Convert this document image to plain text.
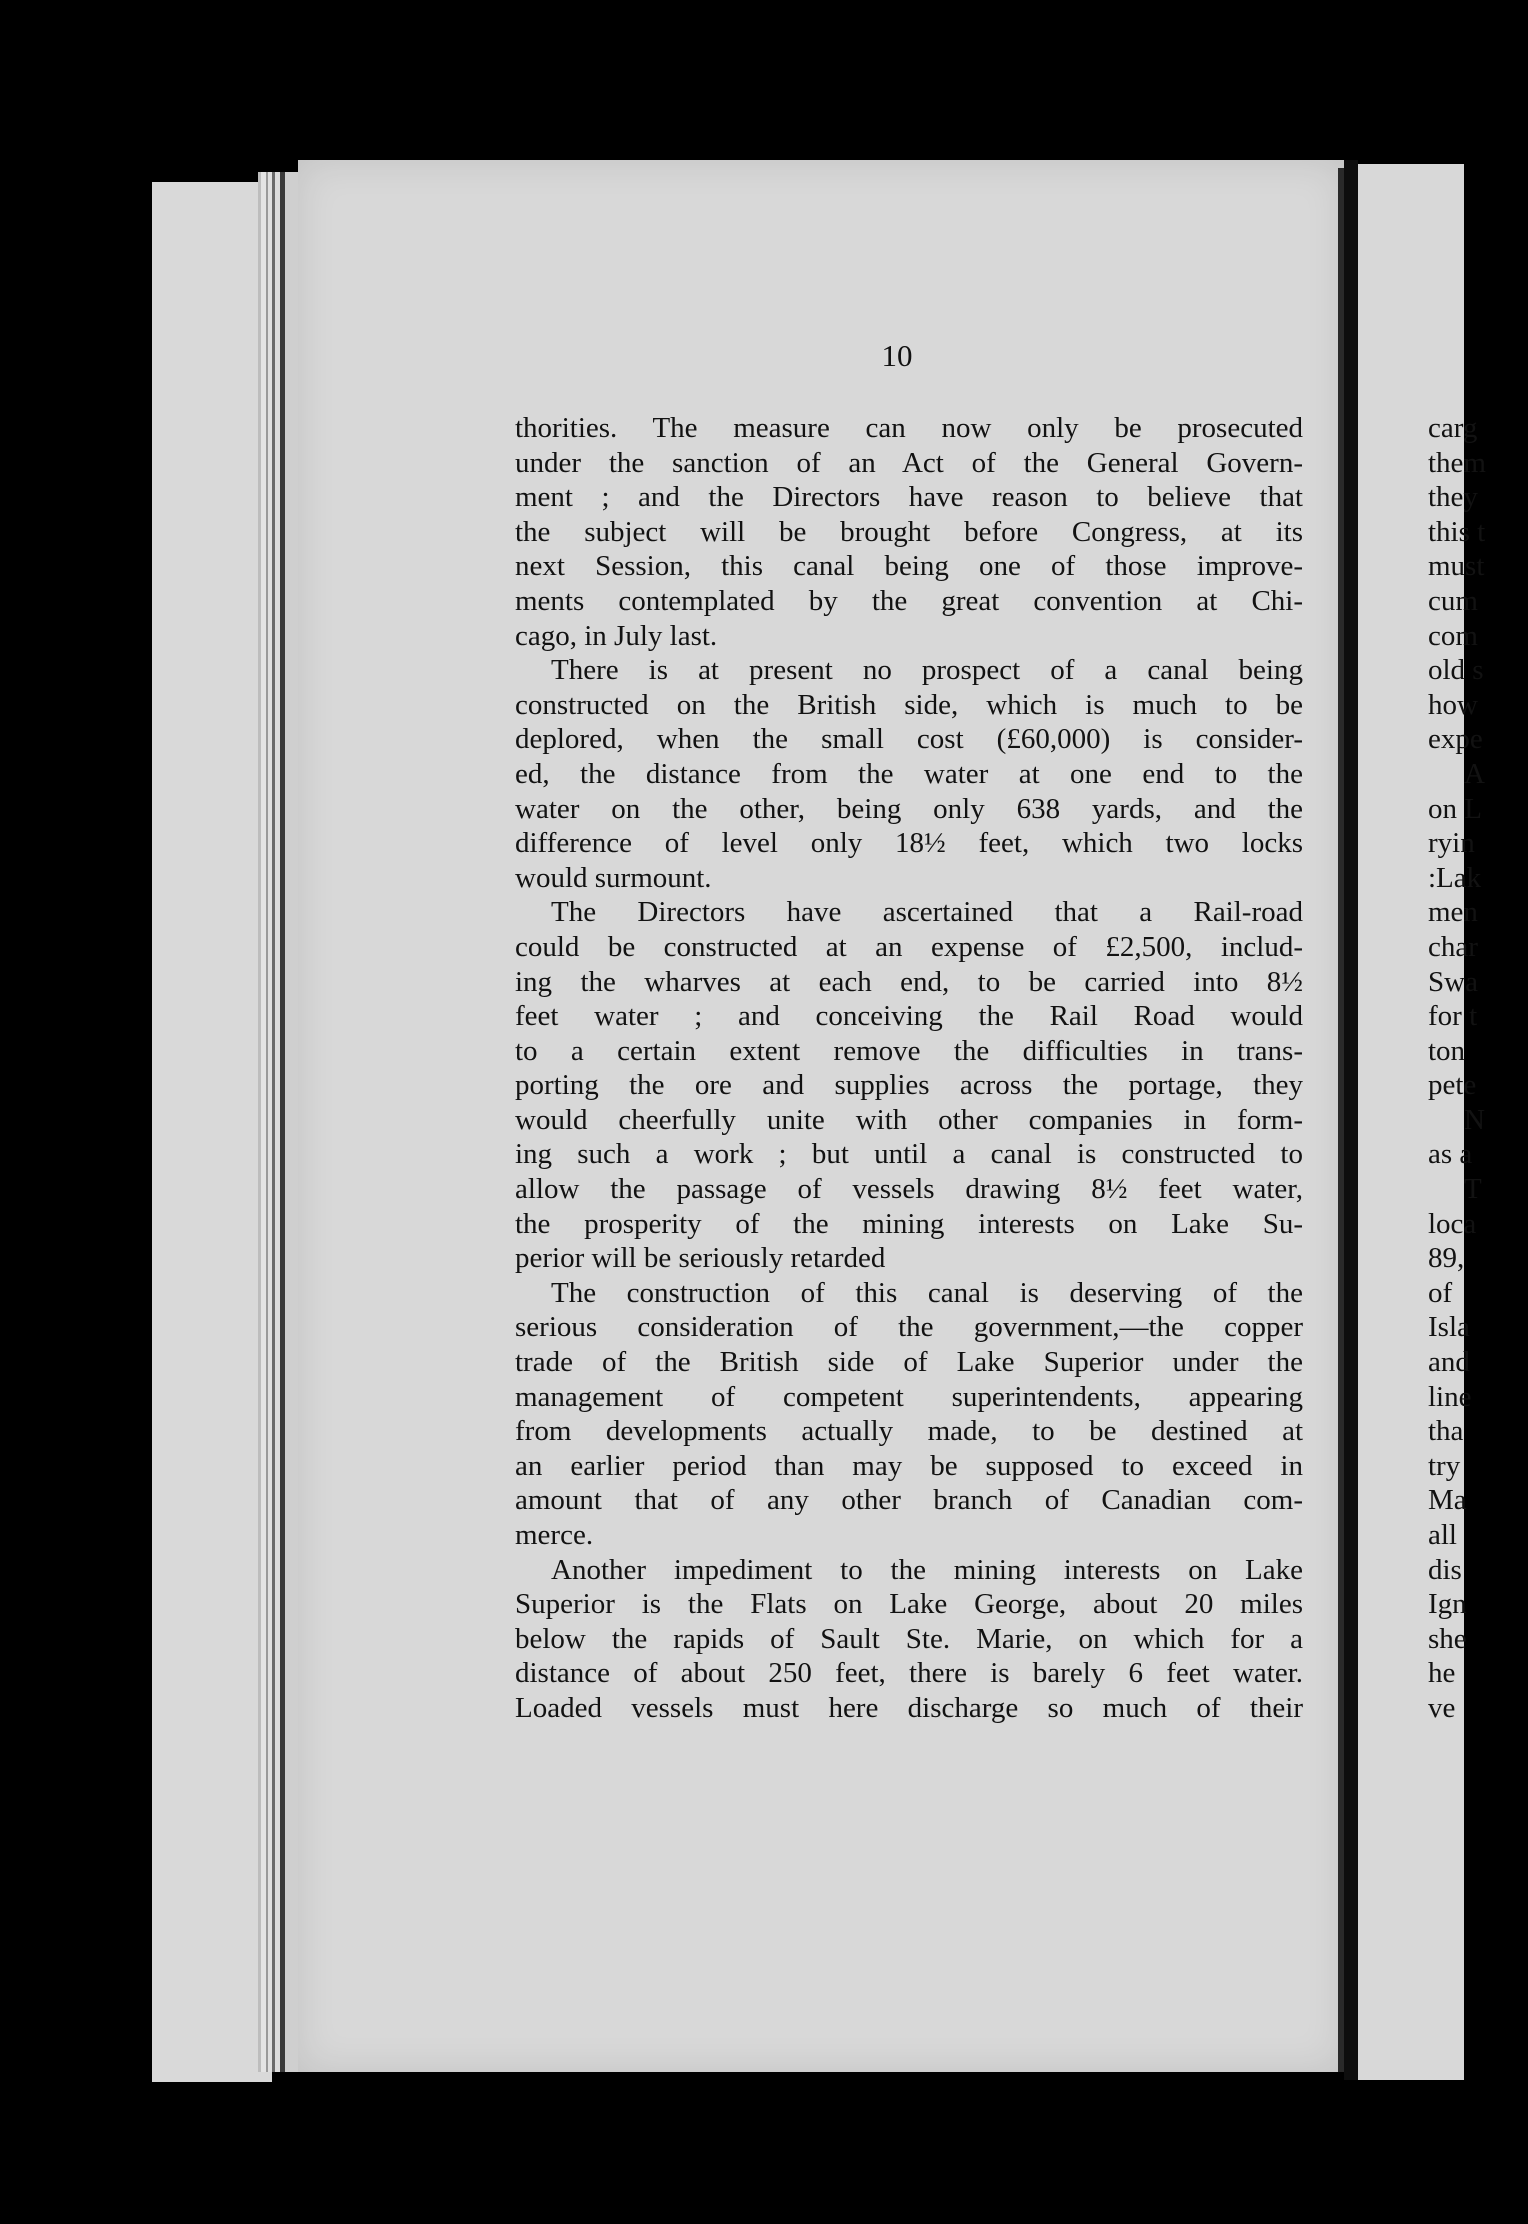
10
thorities. The measure can now only be prosecuted
under the sanction of an Act of the General Govern-
ment ; and the Directors have reason to believe that
the subject will be brought before Congress, at its
next Session, this canal being one of those improve-
ments contemplated by the great convention at Chi-
cago, in July last.
There is at present no prospect of a canal being
constructed on the British side, which is much to be
deplored, when the small cost (£60,000) is consider-
ed, the distance from the water at one end to the
water on the other, being only 638 yards, and the
difference of level only 18½ feet, which two locks
would surmount.
The Directors have ascertained that a Rail-road
could be constructed at an expense of £2,500, includ-
ing the wharves at each end, to be carried into 8½
feet water ; and conceiving the Rail Road would
to a certain extent remove the difficulties in trans-
porting the ore and supplies across the portage, they
would cheerfully unite with other companies in form-
ing such a work ; but until a canal is constructed to
allow the passage of vessels drawing 8½ feet water,
the prosperity of the mining interests on Lake Su-
perior will be seriously retarded
The construction of this canal is deserving of the
serious consideration of the government,—the copper
trade of the British side of Lake Superior under the
management of competent superintendents, appearing
from developments actually made, to be destined at
an earlier period than may be supposed to exceed in
amount that of any other branch of Canadian com-
merce.
Another impediment to the mining interests on Lake
Superior is the Flats on Lake George, about 20 miles
below the rapids of Sault Ste. Marie, on which for a
distance of about 250 feet, there is barely 6 feet water.
Loaded vessels must here discharge so much of their
carg
them
they
this t
must
cum
com
old s
how
expe
A
on L
ryin
:Lak
men
char
Swa
for t
ton
pete
N
as a
T
loca
89,
of
Isla
and
line
tha
try
Ma
all
dis
Ign
she
he
ve
